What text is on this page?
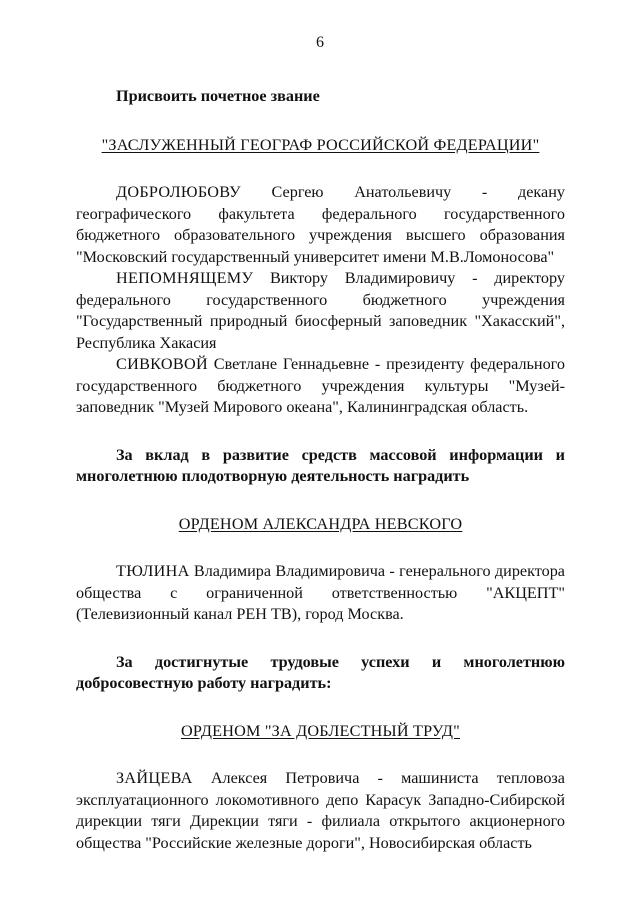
6

Присвоить почетное звание

"ЗАСЛУЖЕННЫЙ ГЕОГРАФ РОССИЙСКОЙ ФЕДЕРАЦИИ"

ДОБРОЛЮБОВУ Сергею Анатольевичу - декану географического факультета федерального государственного бюджетного образовательного учреждения высшего образования "Московский государственный университет имени М.В.Ломоносова"

НЕПОМНЯЩЕМУ Виктору Владимировичу - директору федерального государственного бюджетного учреждения "Государственный природный биосферный заповедник "Хакасский", Республика Хакасия

СИВКОВОЙ Светлане Геннадьевне - президенту федерального государственного бюджетного учреждения культуры "Музей-заповедник "Музей Мирового океана", Калининградская область.

За вклад в развитие средств массовой информации и многолетнюю плодотворную деятельность наградить

ОРДЕНОМ АЛЕКСАНДРА НЕВСКОГО

ТЮЛИНА Владимира Владимировича - генерального директора общества с ограниченной ответственностью "АКЦЕПТ" (Телевизионный канал РЕН ТВ), город Москва.

За достигнутые трудовые успехи и многолетнюю добросовестную работу наградить:

ОРДЕНОМ "ЗА ДОБЛЕСТНЫЙ ТРУД"

ЗАЙЦЕВА Алексея Петровича - машиниста тепловоза эксплуатационного локомотивного депо Карасук Западно-Сибирской дирекции тяги Дирекции тяги - филиала открытого акционерного общества "Российские железные дороги", Новосибирская область
